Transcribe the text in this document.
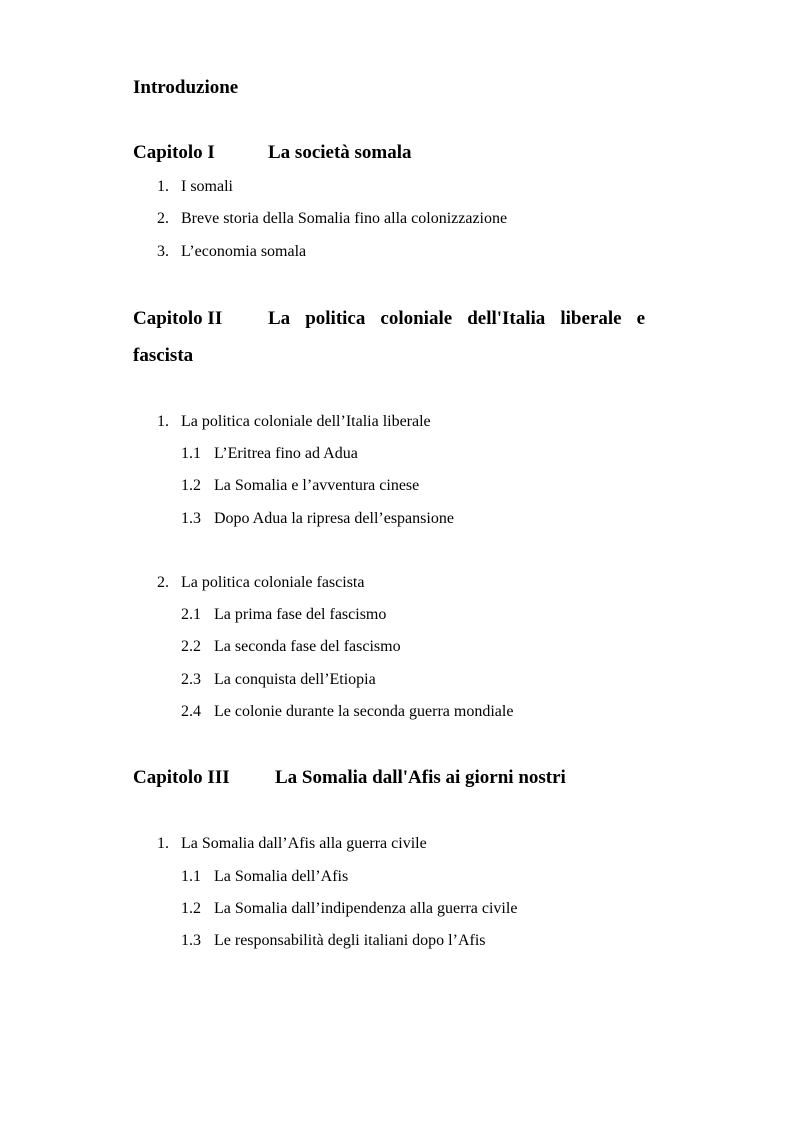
Introduzione
Capitolo I	La società somala
1. I somali
2. Breve storia della Somalia fino alla colonizzazione
3. L’economia somala
Capitolo II La politica coloniale dell'Italia liberale e
fascista
1. La politica coloniale dell’Italia liberale
1.1 L’Eritrea fino ad Adua
1.2 La Somalia e l’avventura cinese
1.3 Dopo Adua la ripresa dell’espansione
2. La politica coloniale fascista
2.1 La prima fase del fascismo
2.2 La seconda fase del fascismo
2.3 La conquista dell’Etiopia
2.4 Le colonie durante la seconda guerra mondiale
Capitolo III La Somalia dall'Afis ai giorni nostri
1. La Somalia dall’Afis alla guerra civile
1.1 La Somalia dell’Afis
1.2 La Somalia dall’indipendenza alla guerra civile
1.3 Le responsabilità degli italiani dopo l’Afis
